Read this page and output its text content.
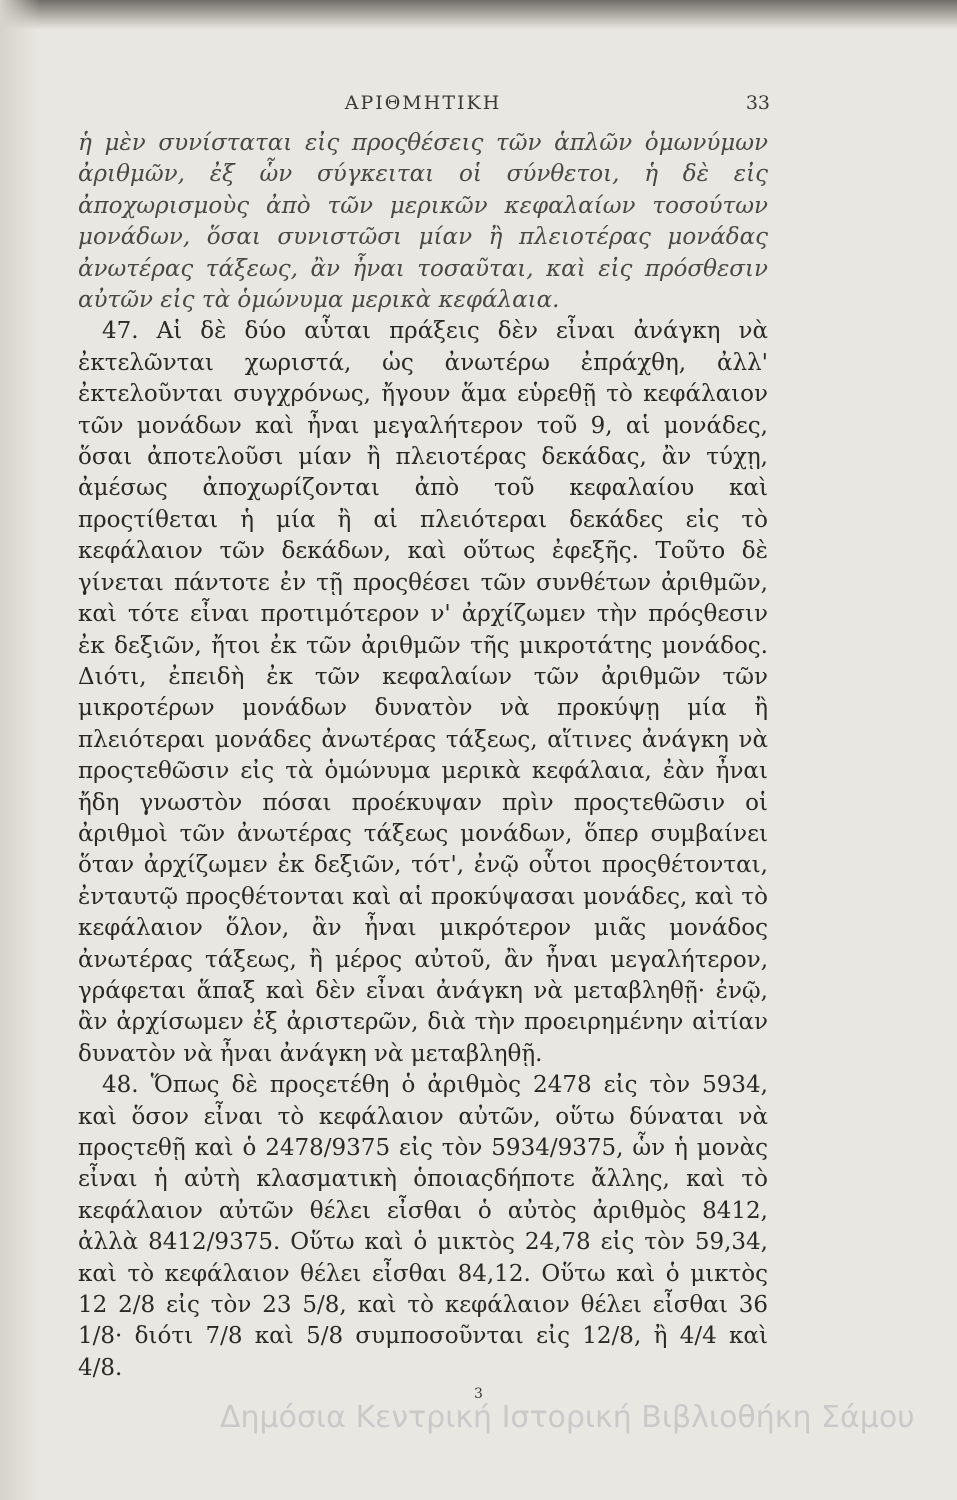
ΑΡΙΘΜΗΤΙΚΗ	33

ἡ μὲν συνίσταται εἰς προςθέσεις τῶν ἁπλῶν ὁμωνύμων ἀριθμῶν, ἐξ ὧν σύγκειται οἱ σύνθετοι, ἡ δὲ εἰς ἀποχωρισμοὺς ἀπὸ τῶν μερικῶν κεφαλαίων τοσούτων μονάδων, ὅσαι συνιστῶσι μίαν ἢ πλειοτέρας μονάδας ἀνωτέρας τάξεως, ἂν ἦναι τοσαῦται, καὶ εἰς πρόσθεσιν αὐτῶν εἰς τὰ ὁμώνυμα μερικὰ κεφάλαια.

47. Αἱ δὲ δύο αὗται πράξεις δὲν εἶναι ἀνάγκη νὰ ἐκτελῶνται χωριστά, ὡς ἀνωτέρω ἐπράχθη, ἀλλ' ἐκτελοῦνται συγχρόνως, ἤγουν ἅμα εὑρεθῇ τὸ κεφάλαιον τῶν μονάδων καὶ ἦναι μεγαλήτερον τοῦ 9, αἱ μονάδες, ὅσαι ἀποτελοῦσι μίαν ἢ πλειοτέρας δεκάδας, ἂν τύχῃ, ἀμέσως ἀποχωρίζονται ἀπὸ τοῦ κεφαλαίου καὶ προςτίθεται ἡ μία ἢ αἱ πλειότεραι δεκάδες εἰς τὸ κεφάλαιον τῶν δεκάδων, καὶ οὕτως ἐφεξῆς. Τοῦτο δὲ γίνεται πάντοτε ἐν τῇ προςθέσει τῶν συνθέτων ἀριθμῶν, καὶ τότε εἶναι προτιμότερον ν' ἀρχίζωμεν τὴν πρόςθεσιν ἐκ δεξιῶν, ἤτοι ἐκ τῶν ἀριθμῶν τῆς μικροτάτης μονάδος. Διότι, ἐπειδὴ ἐκ τῶν κεφαλαίων τῶν ἀριθμῶν τῶν μικροτέρων μονάδων δυνατὸν νὰ προκύψῃ μία ἢ πλειότεραι μονάδες ἀνωτέρας τάξεως, αἵτινες ἀνάγκη νὰ προςτεθῶσιν εἰς τὰ ὁμώνυμα μερικὰ κεφάλαια, ἐὰν ἦναι ἤδη γνωστὸν πόσαι προέκυψαν πρὶν προςτεθῶσιν οἱ ἀριθμοὶ τῶν ἀνωτέρας τάξεως μονάδων, ὅπερ συμβαίνει ὅταν ἀρχίζωμεν ἐκ δεξιῶν, τότ', ἐνῷ οὗτοι προςθέτονται, ἐνταυτῷ προςθέτονται καὶ αἱ προκύψασαι μονάδες, καὶ τὸ κεφάλαιον ὅλον, ἂν ἦναι μικρότερον μιᾶς μονάδος ἀνωτέρας τάξεως, ἢ μέρος αὐτοῦ, ἂν ἦναι μεγαλήτερον, γράφεται ἅπαξ καὶ δὲν εἶναι ἀνάγκη νὰ μεταβληθῇ· ἐνῷ, ἂν ἀρχίσωμεν ἐξ ἀριστερῶν, διὰ τὴν προειρημένην αἰτίαν δυνατὸν νὰ ἦναι ἀνάγκη νὰ μεταβληθῇ.

48. Ὅπως δὲ προςετέθη ὁ ἀριθμὸς 2478 εἰς τὸν 5934, καὶ ὅσον εἶναι τὸ κεφάλαιον αὐτῶν, οὕτω δύναται νὰ προςτεθῇ καὶ ὁ 2478/9375 εἰς τὸν 5934/9375, ὧν ἡ μονὰς εἶναι ἡ αὐτὴ κλασματικὴ ὁποιαςδήποτε ἄλλης, καὶ τὸ κεφάλαιον αὐτῶν θέλει εἶσθαι ὁ αὐτὸς ἀριθμὸς 8412, ἀλλὰ 8412/9375. Οὕτω καὶ ὁ μικτὸς 24,78 εἰς τὸν 59,34, καὶ τὸ κεφάλαιον θέλει εἶσθαι 84,12. Οὕτω καὶ ὁ μικτὸς 12 2/8 εἰς τὸν 23 5/8, καὶ τὸ κεφάλαιον θέλει εἶσθαι 36 1/8· διότι 7/8 καὶ 5/8 συμποσοῦνται εἰς 12/8, ἢ 4/4 καὶ 4/8.

3
Δημόσια Κεντρική Ιστορική Βιβλιοθήκη Σάμου
